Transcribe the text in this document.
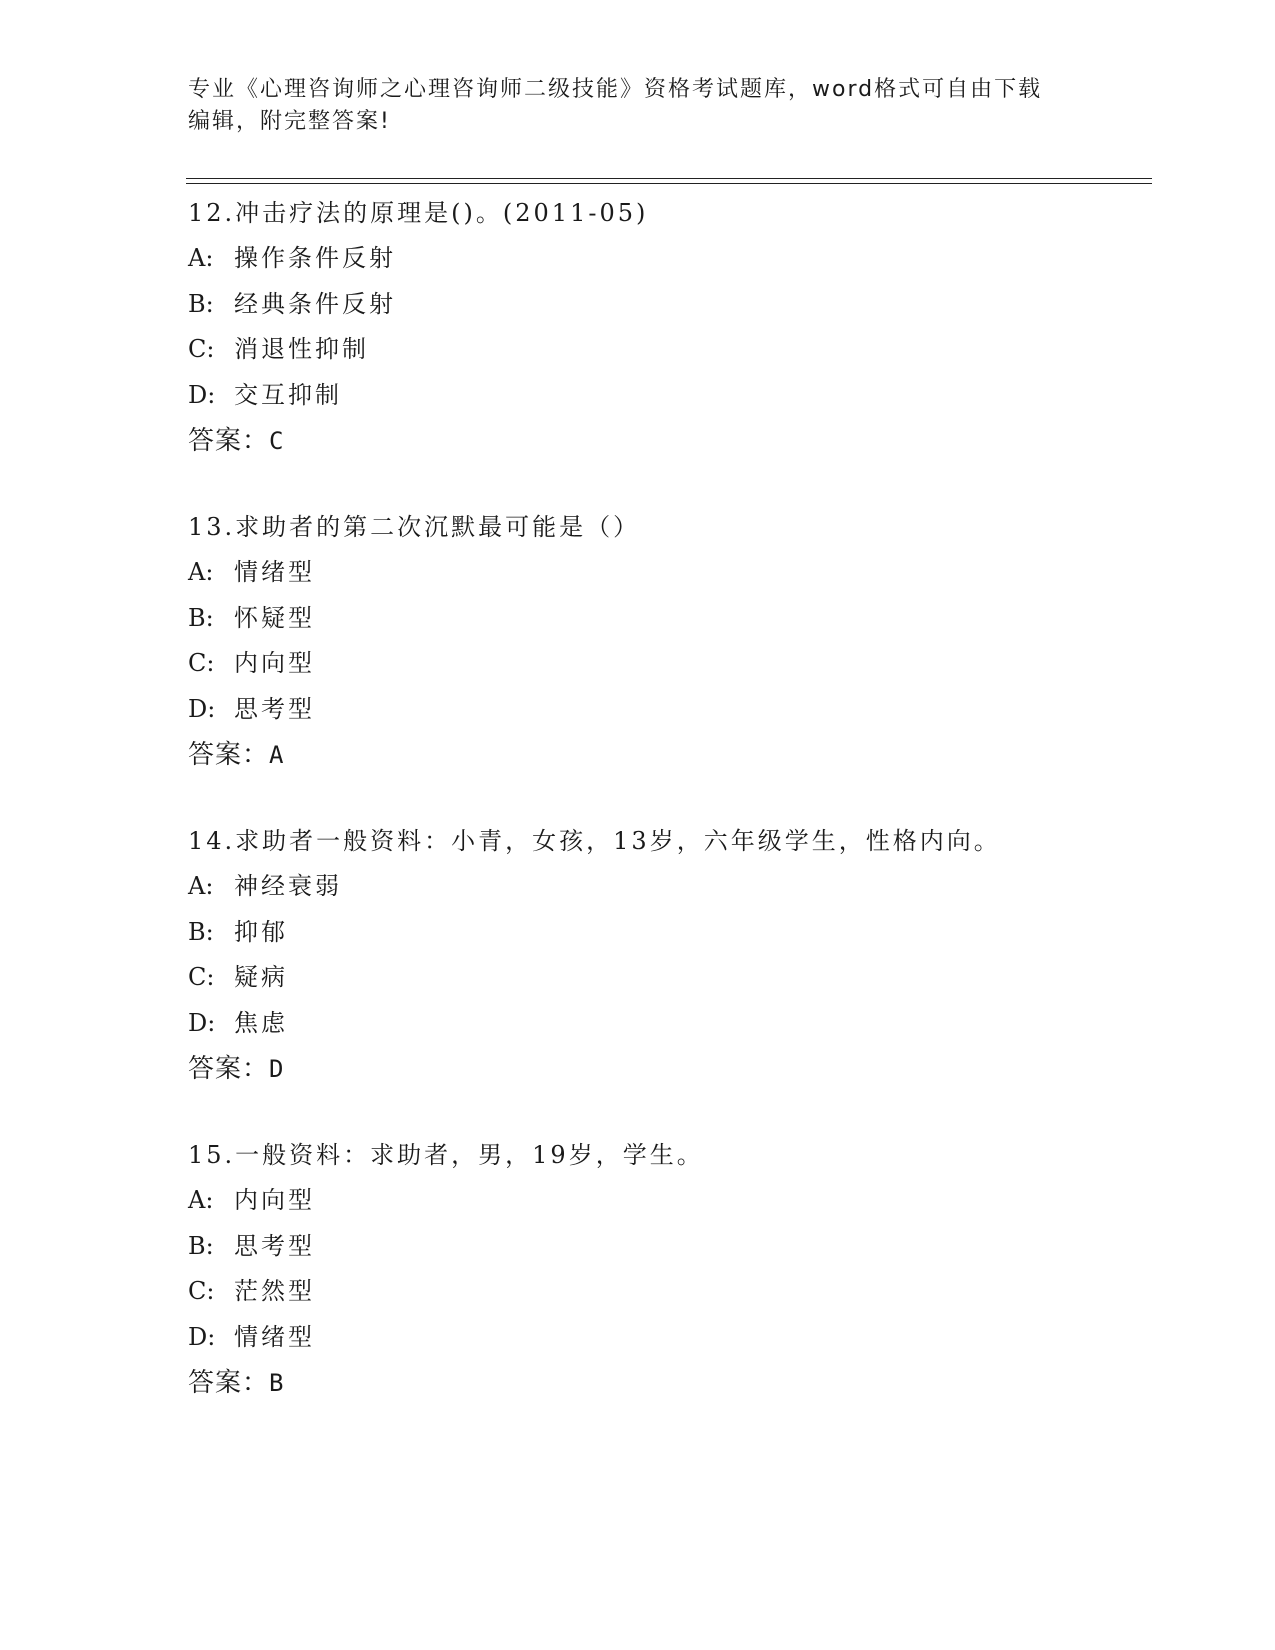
专业《心理咨询师之心理咨询师二级技能》资格考试题库，word格式可自由下载
编辑，附完整答案!
12.冲击疗法的原理是()。(2011-05)
A: 操作条件反射
B: 经典条件反射
C: 消退性抑制
D: 交互抑制
答案：C
13.求助者的第二次沉默最可能是（）
A: 情绪型
B: 怀疑型
C: 内向型
D: 思考型
答案：A
14.求助者一般资料：小青，女孩，13岁，六年级学生，性格内向。
A: 神经衰弱
B: 抑郁
C: 疑病
D: 焦虑
答案：D
15.一般资料：求助者，男，19岁，学生。
A: 内向型
B: 思考型
C: 茫然型
D: 情绪型
答案：B
